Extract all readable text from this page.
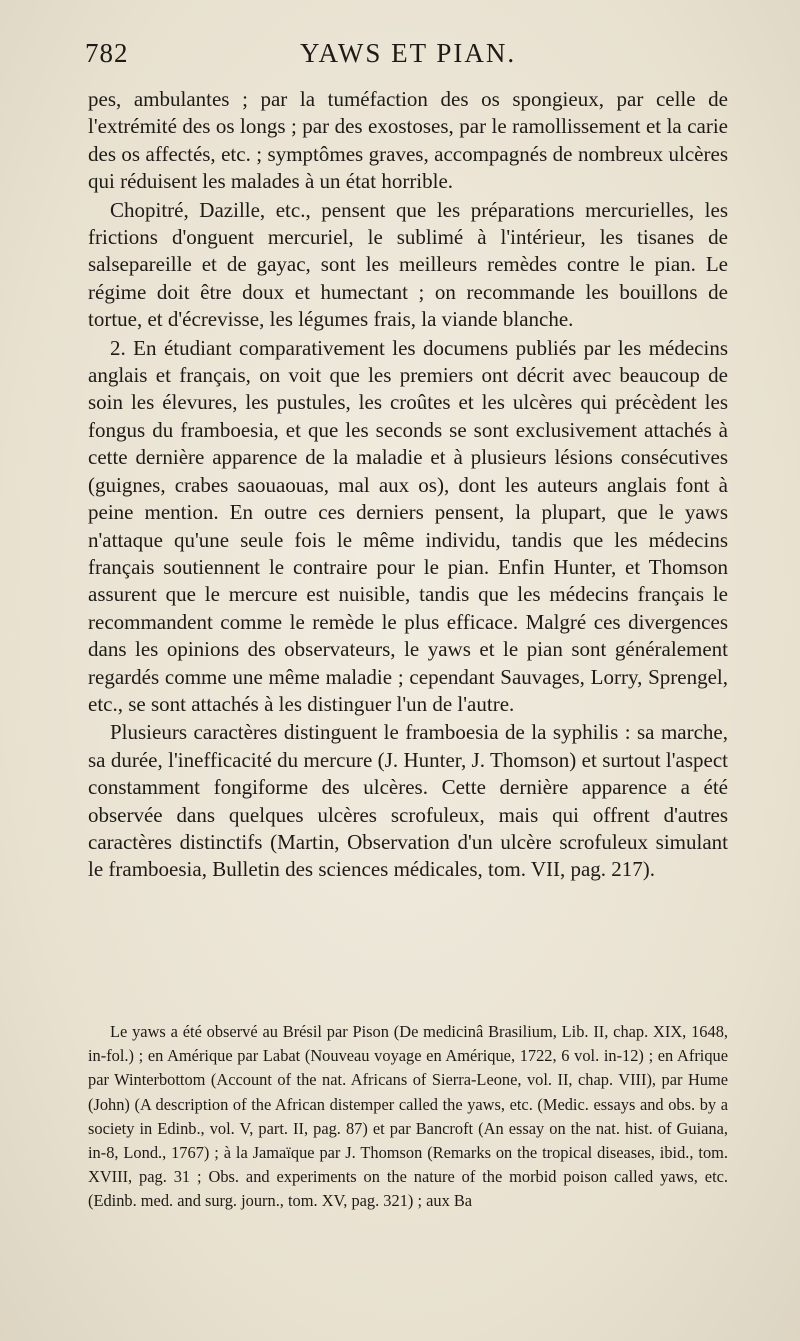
782	YAWS ET PIAN.

pes, ambulantes ; par la tuméfaction des os spongieux, par celle de l'extrémité des os longs ; par des exostoses, par le ramollissement et la carie des os affectés, etc. ; symptômes graves, accompagnés de nombreux ulcères qui réduisent les malades à un état horrible.

Chopitré, Dazille, etc., pensent que les préparations mercurielles, les frictions d'onguent mercuriel, le sublimé à l'intérieur, les tisanes de salsepareille et de gayac, sont les meilleurs remèdes contre le pian. Le régime doit être doux et humectant ; on recommande les bouillons de tortue, et d'écrevisse, les légumes frais, la viande blanche.

2. En étudiant comparativement les documens publiés par les médecins anglais et français, on voit que les premiers ont décrit avec beaucoup de soin les élevures, les pustules, les croûtes et les ulcères qui précèdent les fongus du framboesia, et que les seconds se sont exclusivement attachés à cette dernière apparence de la maladie et à plusieurs lésions consécutives (guignes, crabes saouaouas, mal aux os), dont les auteurs anglais font à peine mention. En outre ces derniers pensent, la plupart, que le yaws n'attaque qu'une seule fois le même individu, tandis que les médecins français soutiennent le contraire pour le pian. Enfin Hunter, et Thomson assurent que le mercure est nuisible, tandis que les médecins français le recommandent comme le remède le plus efficace. Malgré ces divergences dans les opinions des observateurs, le yaws et le pian sont généralement regardés comme une même maladie ; cependant Sauvages, Lorry, Sprengel, etc., se sont attachés à les distinguer l'un de l'autre.

Plusieurs caractères distinguent le framboesia de la syphilis : sa marche, sa durée, l'inefficacité du mercure (J. Hunter, J. Thomson) et surtout l'aspect constamment fongiforme des ulcères. Cette dernière apparence a été observée dans quelques ulcères scrofuleux, mais qui offrent d'autres caractères distinctifs (Martin, Observation d'un ulcère scrofuleux simulant le framboesia, Bulletin des sciences médicales, tom. VII, pag. 217).

Le yaws a été observé au Brésil par Pison (De medicinâ Brasilium, Lib. II, chap. XIX, 1648, in-fol.) ; en Amérique par Labat (Nouveau voyage en Amérique, 1722, 6 vol. in-12) ; en Afrique par Winterbottom (Account of the nat. Africans of Sierra-Leone, vol. II, chap. VIII), par Hume (John) (A description of the African distemper called the yaws, etc. (Medic. essays and obs. by a society in Edinb., vol. V, part. II, pag. 87) et par Bancroft (An essay on the nat. hist. of Guiana, in-8, Lond., 1767) ; à la Jamaïque par J. Thomson (Remarks on the tropical diseases, ibid., tom. XVIII, pag. 31 ; Obs. and experiments on the nature of the morbid poison called yaws, etc. (Edinb. med. and surg. journ., tom. XV, pag. 321) ; aux Ba
